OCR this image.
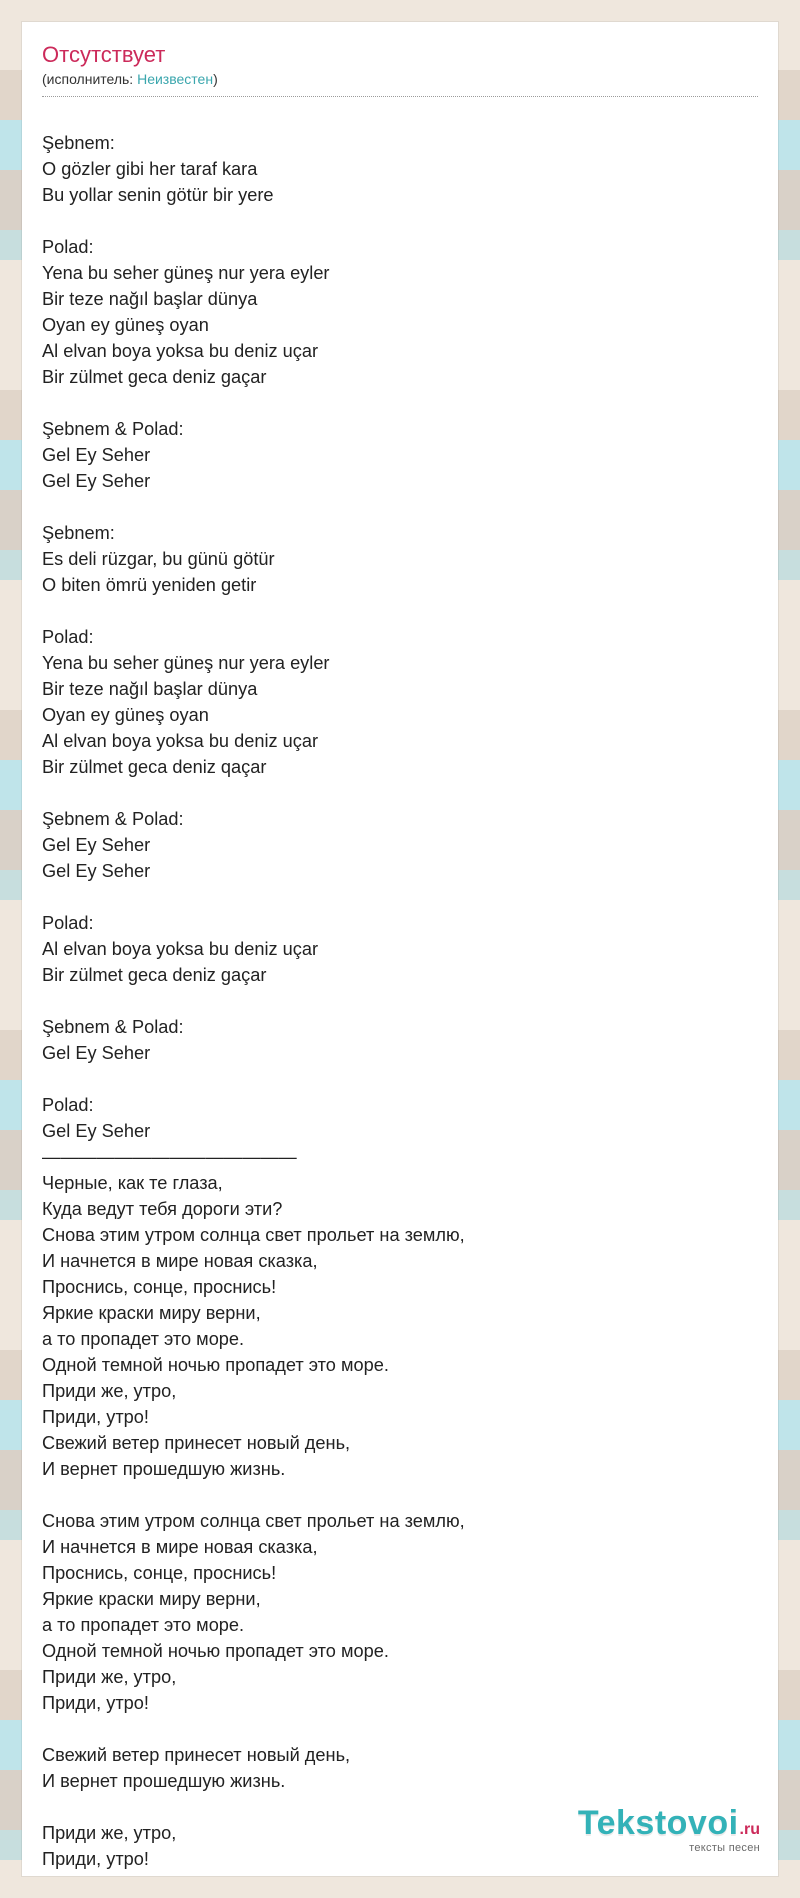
Отсутствует
(исполнитель: Неизвестен)
Şebnem:
O gözler gibi her taraf kara
Bu yollar senin götür bir yere

Polad:
Yena bu seher güneş nur yera eyler
Bir teze nağıl başlar dünya
Oyan ey güneş oyan
Al elvan boya yoksa bu deniz uçar
Bir zülmet geca deniz gaçar

Şebnem & Polad:
Gel Ey Seher
Gel Ey Seher

Şebnem:
Es deli rüzgar, bu günü götür
O biten ömrü yeniden getir

Polad:
Yena bu seher güneş nur yera eyler
Bir teze nağıl başlar dünya
Oyan ey güneş oyan
Al elvan boya yoksa bu deniz uçar
Bir zülmet geca deniz qaçar

Şebnem & Polad:
Gel Ey Seher
Gel Ey Seher

Polad:
Al elvan boya yoksa bu deniz uçar
Bir zülmet geca deniz gaçar

Şebnem & Polad:
Gel Ey Seher

Polad:
Gel Ey Seher
——————————————
Черные, как те глаза,
Куда ведут тебя дороги эти?
Снова этим утром солнца свет прольет на землю,
И начнется в мире новая сказка,
Проснись, сонце, проснись!
Яркие краски миру верни,
а то пропадет это море.
Одной темной ночью пропадет это море.
Приди же, утро,
Приди, утро!
Свежий ветер принесет новый день,
И вернет прошедшую жизнь.

Снова этим утром солнца свет прольет на землю,
И начнется в мире новая сказка,
Проснись, сонце, проснись!
Яркие краски миру верни,
а то пропадет это море.
Одной темной ночью пропадет это море.
Приди же, утро,
Приди, утро!

Свежий ветер принесет новый день,
И вернет прошедшую жизнь.

Приди же, утро,
Приди, утро!
Tekstovoi.ru
тексты песен
